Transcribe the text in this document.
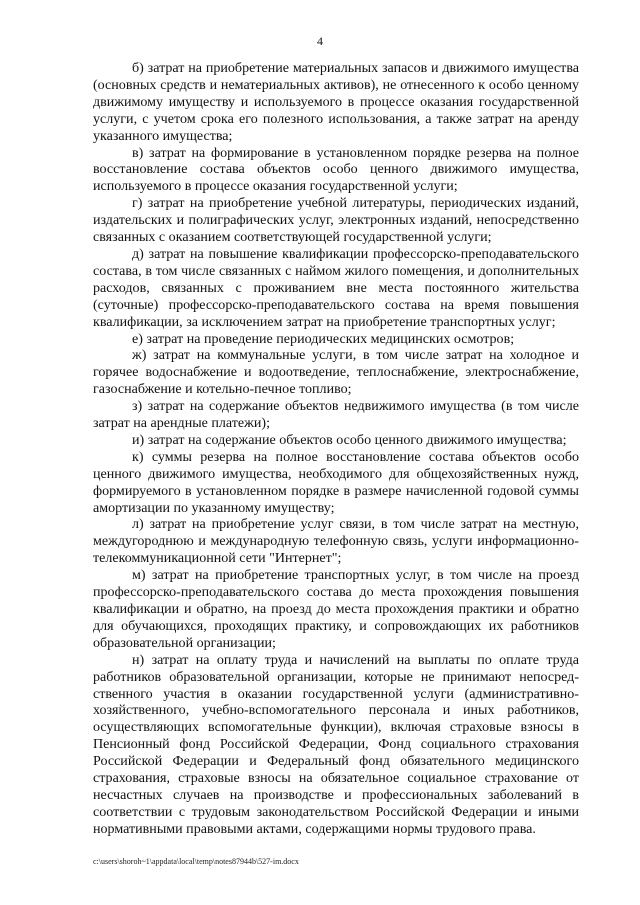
4

б) затрат на приобретение материальных запасов и движимого имущества (основных средств и нематериальных активов), не отнесенного к особо ценному движимому имуществу и используемого в процессе оказания государственной услуги, с учетом срока его полезного использования, а также затрат на аренду указанного имущества;

в) затрат на формирование в установленном порядке резерва на полное восстановление состава объектов особо ценного движимого имущества, используемого в процессе оказания государственной услуги;

г) затрат на приобретение учебной литературы, периодических изданий, издательских и полиграфических услуг, электронных изданий, непосредственно связанных с оказанием соответствующей государственной услуги;

д) затрат на повышение квалификации профессорско-преподавательского состава, в том числе связанных с наймом жилого помещения, и дополнительных расходов, связанных с проживанием вне места постоянного жительства (суточные) профессорско-преподавательского состава на время повышения квалификации, за исключением затрат на приобретение транспортных услуг;

е) затрат на проведение периодических медицинских осмотров;

ж) затрат на коммунальные услуги, в том числе затрат на холодное и горячее водоснабжение и водоотведение, теплоснабжение, электроснабжение, газоснабжение и котельно-печное топливо;

з) затрат на содержание объектов недвижимого имущества (в том числе затрат на арендные платежи);

и) затрат на содержание объектов особо ценного движимого имущества;

к) суммы резерва на полное восстановление состава объектов особо ценного движимого имущества, необходимого для общехозяйственных нужд, формируемого в установленном порядке в размере начисленной годовой суммы амортизации по указанному имуществу;

л) затрат на приобретение услуг связи, в том числе затрат на местную, междугороднюю и международную телефонную связь, услуги информационно-телекоммуникационной сети "Интернет";

м) затрат на приобретение транспортных услуг, в том числе на проезд профессорско-преподавательского состава до места прохождения повышения квалификации и обратно, на проезд до места прохождения практики и обратно для обучающихся, проходящих практику, и сопровождающих их работников образовательной организации;

н) затрат на оплату труда и начислений на выплаты по оплате труда работников образовательной организации, которые не принимают непосредственного участия в оказании государственной услуги (административно-хозяйственного, учебно-вспомогательного персонала и иных работников, осуществляющих вспомогательные функции), включая страховые взносы в Пенсионный фонд Российской Федерации, Фонд социального страхования Российской Федерации и Федеральный фонд обязательного медицинского страхования, страховые взносы на обязательное социальное страхование от несчастных случаев на производстве и профессиональных заболеваний в соответствии с трудовым законодательством Российской Федерации и иными нормативными правовыми актами, содержащими нормы трудового права.

c:\users\shoroh~1\appdata\local\temp\notes87944b\527-im.docx
